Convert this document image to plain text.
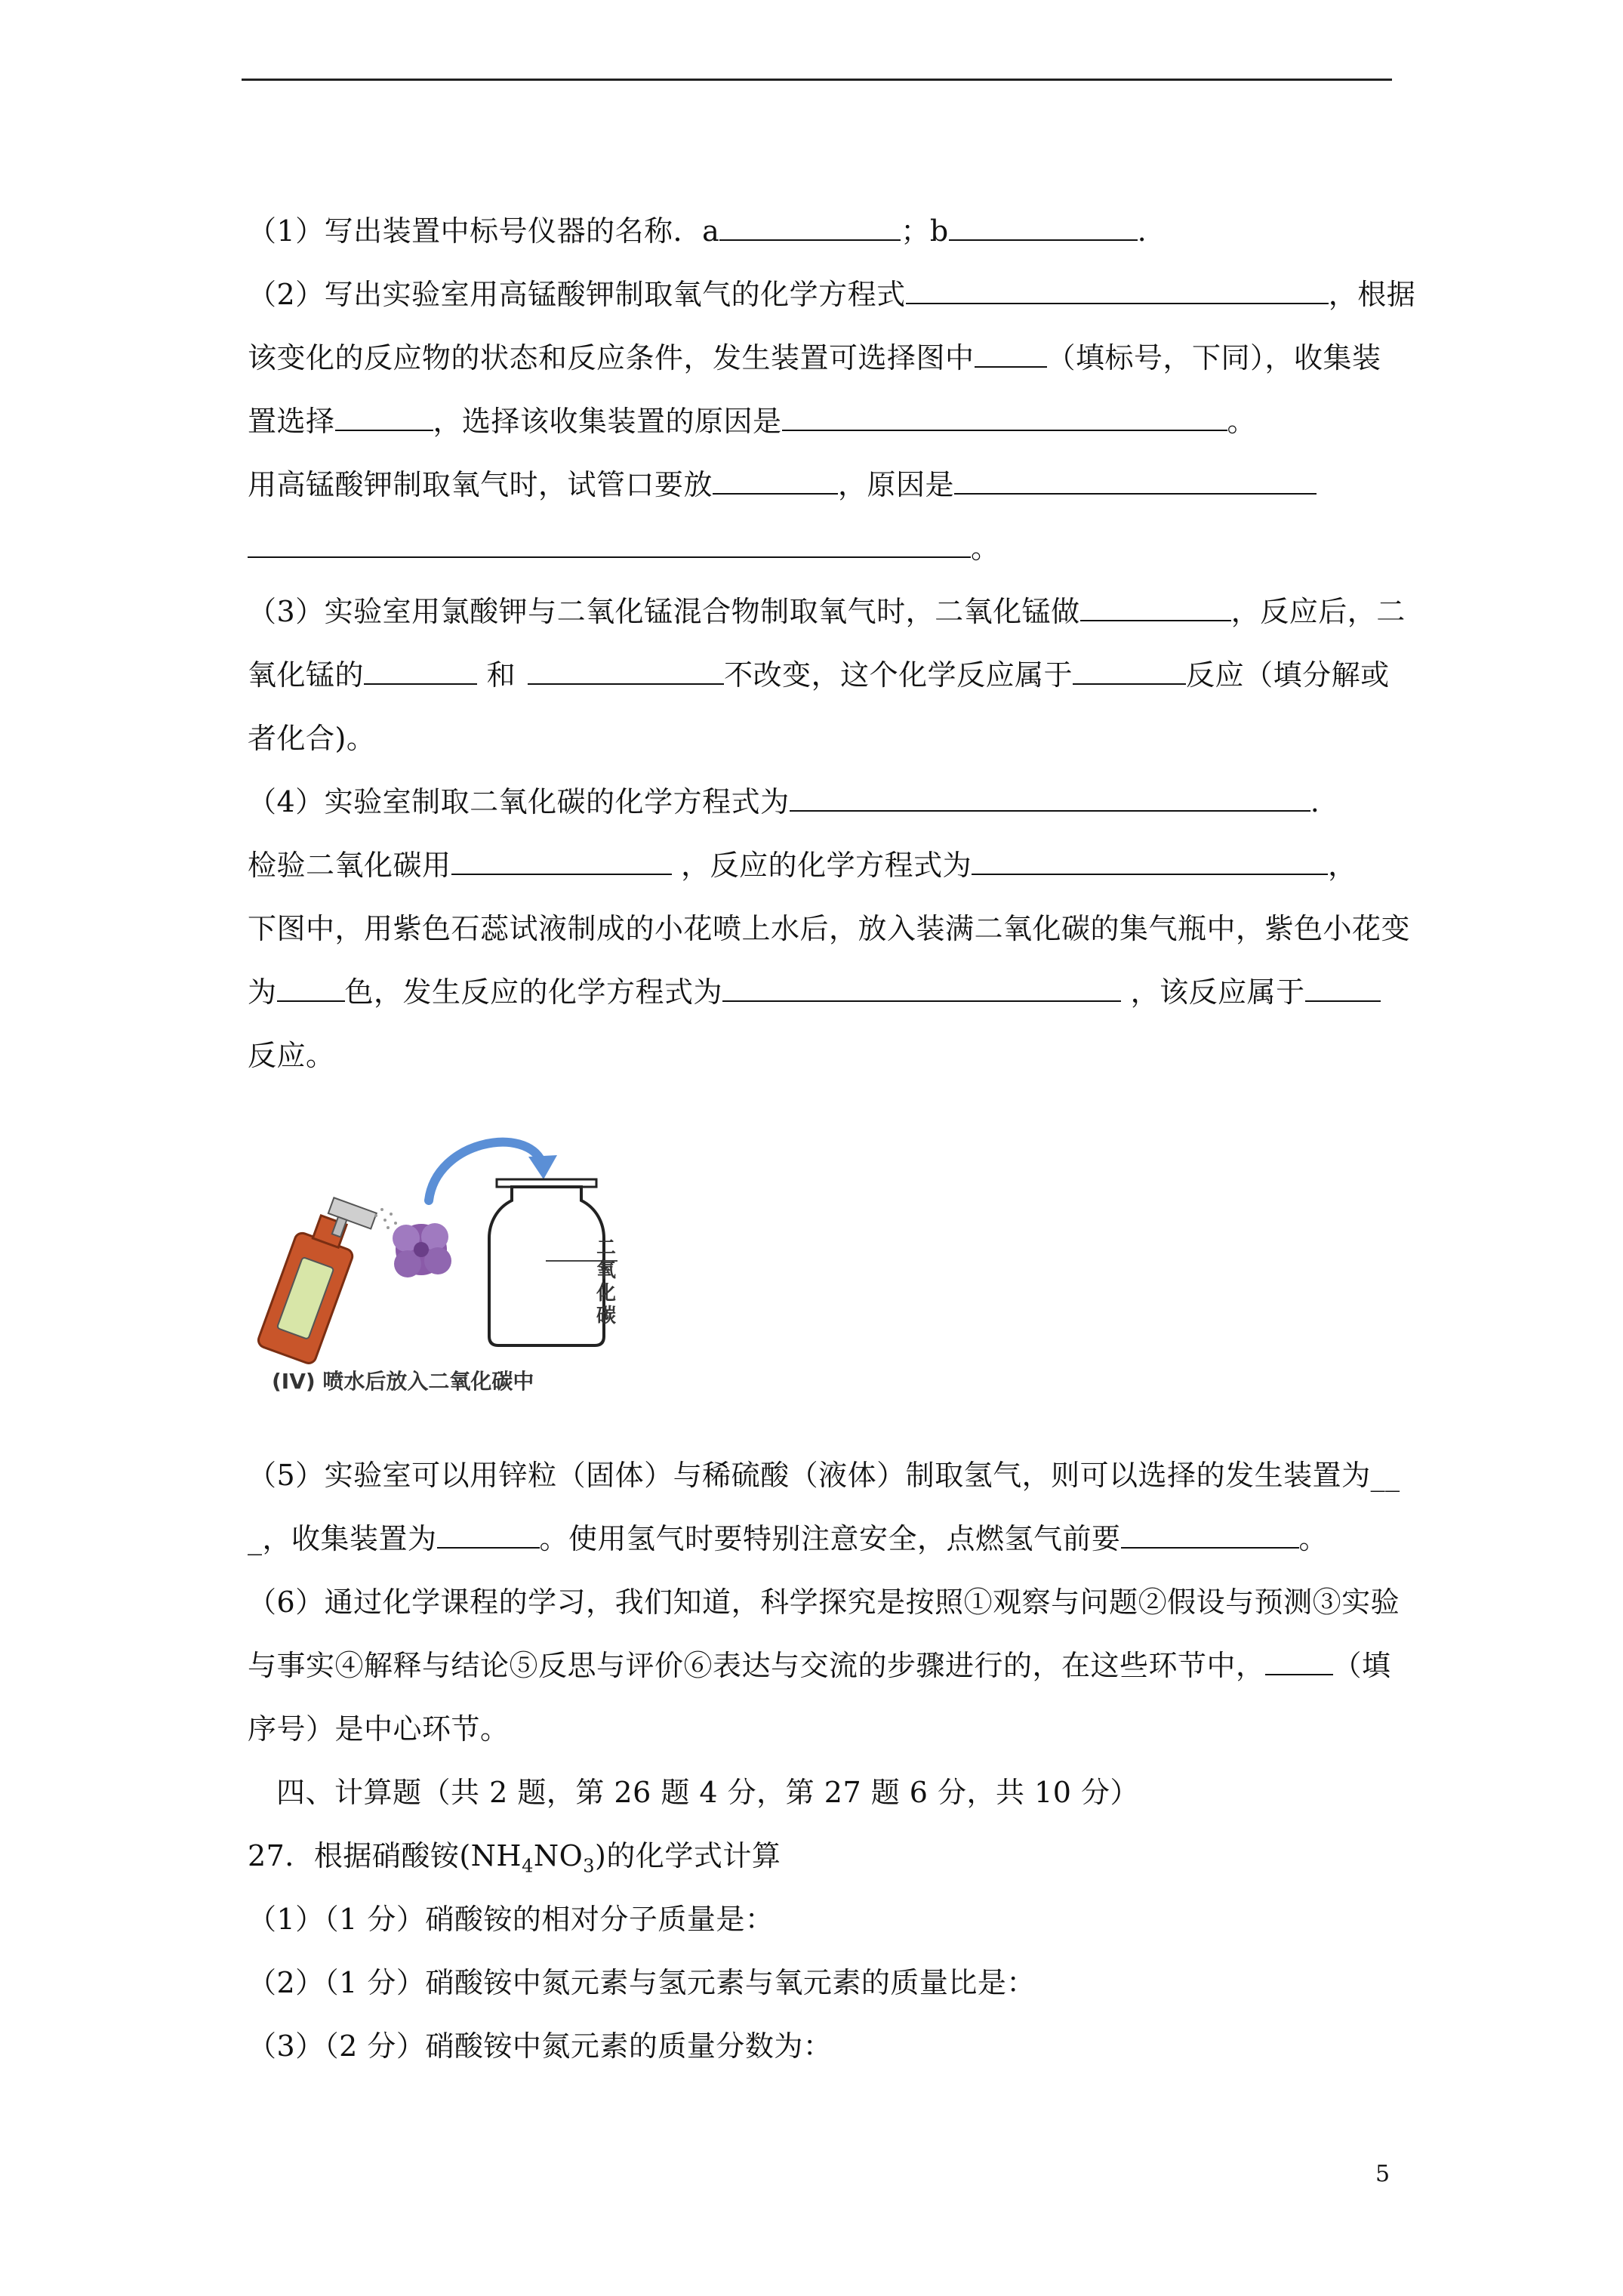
（1）写出装置中标号仪器的名称．a	；b	.
（2）写出实验室用高锰酸钾制取氧气的化学方程式	，根据
该变化的反应物的状态和反应条件，发生装置可选择图中	（填标号，下同），收集装
置选择	，选择该收集装置的原因是	。
用高锰酸钾制取氧气时，试管口要放	，原因是
。
（3）实验室用氯酸钾与二氧化锰混合物制取氧气时，二氧化锰做	，反应后，二
氧化锰的	和	不改变，这个化学反应属于	反应（填分解或
者化合)。
（4）实验室制取二氧化碳的化学方程式为	.
检验二氧化碳用	，反应的化学方程式为	，
下图中，用紫色石蕊试液制成的小花喷上水后，放入装满二氧化碳的集气瓶中，紫色小花变
为 色，发生反应的化学方程式为	，该反应属于
反应。
二氧化碳
(IV) 喷水后放入二氧化碳中
（5）实验室可以用锌粒（固体）与稀硫酸（液体）制取氢气，则可以选择的发生装置为__
_，收集装置为	。使用氢气时要特别注意安全，点燃氢气前要	。
（6）通过化学课程的学习，我们知道，科学探究是按照①观察与问题②假设与预测③实验
与事实④解释与结论⑤反思与评价⑥表达与交流的步骤进行的，在这些环节中， （填
序号）是中心环节。
四、计算题（共 2 题，第 26 题 4 分，第 27 题 6 分，共 10 分）
27．根据硝酸铵$(NH_4NO_3)$的化学式计算
（1）（1 分）硝酸铵的相对分子质量是：
（2）（1 分）硝酸铵中氮元素与氢元素与氧元素的质量比是：
（3）（2 分）硝酸铵中氮元素的质量分数为：
5
